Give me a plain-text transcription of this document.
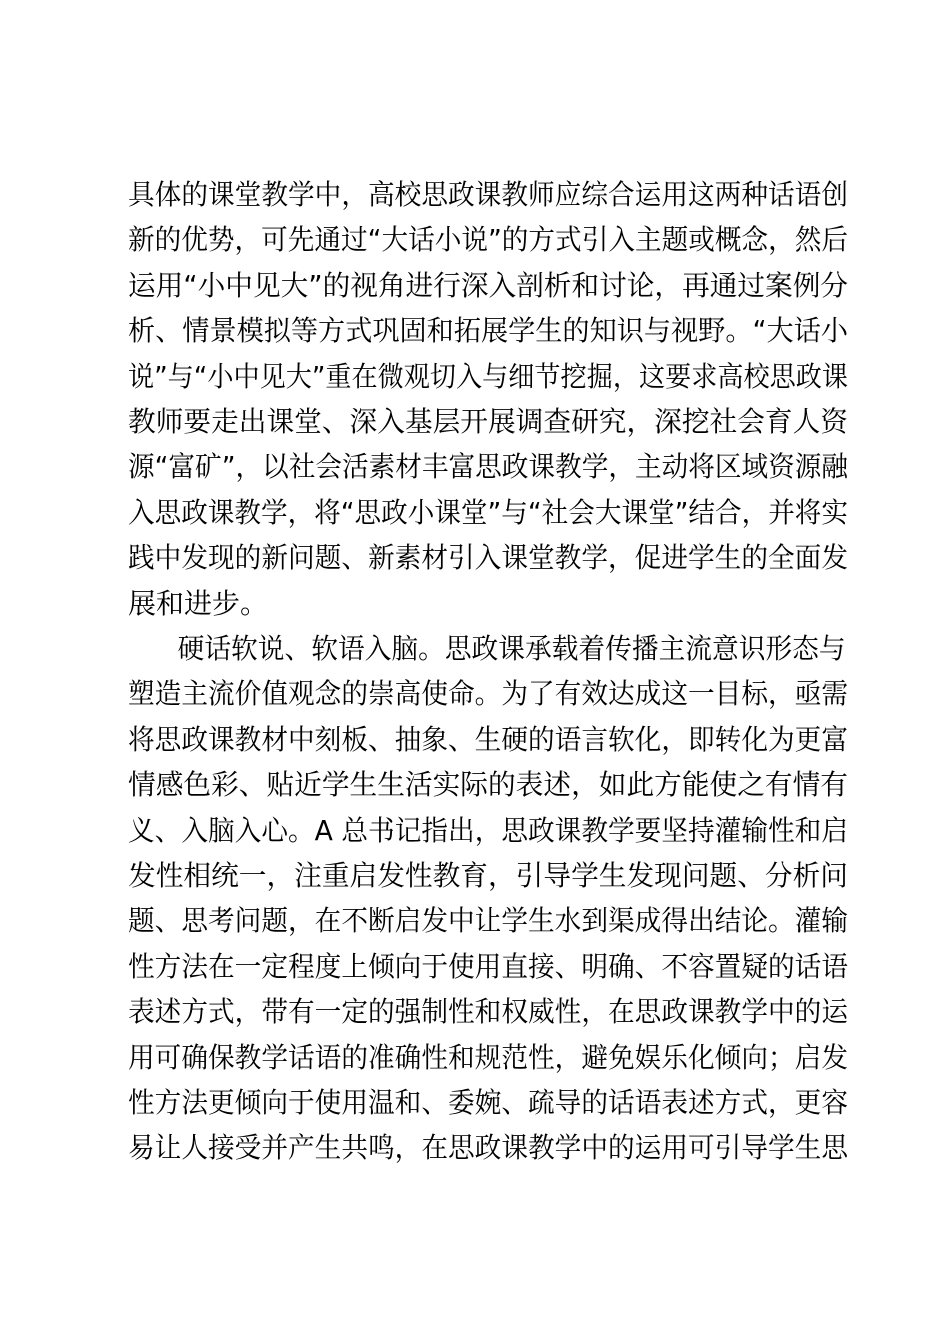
具体的课堂教学中，高校思政课教师应综合运用这两种话语创
新的优势，可先通过“大话小说”的方式引入主题或概念，然后
运用“小中见大”的视角进行深入剖析和讨论，再通过案例分
析、情景模拟等方式巩固和拓展学生的知识与视野。“大话小
说”与“小中见大”重在微观切入与细节挖掘，这要求高校思政课
教师要走出课堂、深入基层开展调查研究，深挖社会育人资
源“富矿”，以社会活素材丰富思政课教学，主动将区域资源融
入思政课教学，将“思政小课堂”与“社会大课堂”结合，并将实
践中发现的新问题、新素材引入课堂教学，促进学生的全面发
展和进步。
硬话软说、软语入脑。思政课承载着传播主流意识形态与
塑造主流价值观念的崇高使命。为了有效达成这一目标，亟需
将思政课教材中刻板、抽象、生硬的语言软化，即转化为更富
情感色彩、贴近学生生活实际的表述，如此方能使之有情有
义、入脑入心。A 总书记指出，思政课教学要坚持灌输性和启
发性相统一，注重启发性教育，引导学生发现问题、分析问
题、思考问题，在不断启发中让学生水到渠成得出结论。灌输
性方法在一定程度上倾向于使用直接、明确、不容置疑的话语
表述方式，带有一定的强制性和权威性，在思政课教学中的运
用可确保教学话语的准确性和规范性，避免娱乐化倾向；启发
性方法更倾向于使用温和、委婉、疏导的话语表述方式，更容
易让人接受并产生共鸣，在思政课教学中的运用可引导学生思
